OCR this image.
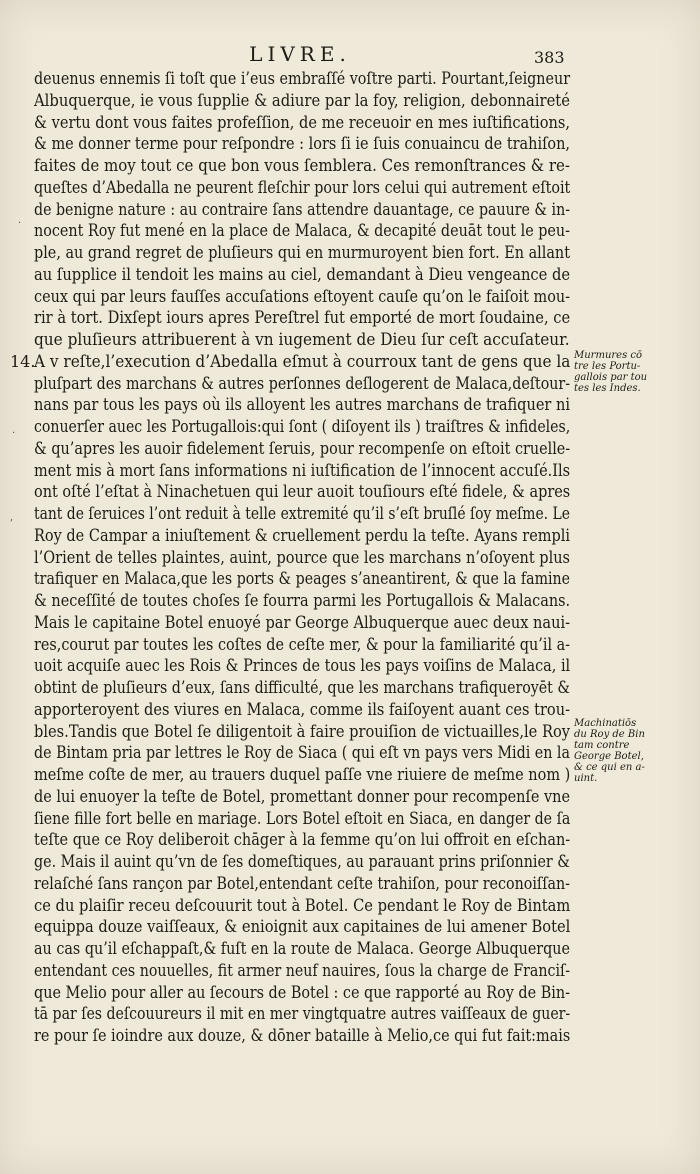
LIVRE.	383
14.
·
·
,
deuenus ennemis ſi toſt que i’eus embraſſé voſtre parti. Pourtant,ſeigneur
Albuquerque, ie vous ſupplie & adiure par la foy, religion, debonnaireté
& vertu dont vous faites profeſſion, de me receuoir en mes iuſtifications,
& me donner terme pour reſpondre : lors ſi ie ſuis conuaincu de trahiſon,
faites de moy tout ce que bon vous ſemblera. Ces remonſtrances & re-
queſtes d’Abedalla ne peurent fleſchir pour lors celui qui autrement eſtoit
de benigne nature : au contraire ſans attendre dauantage, ce pauure & in-
nocent Roy fut mené en la place de Malaca, & decapité deuāt tout le peu-
ple, au grand regret de pluſieurs qui en murmuroyent bien fort. En allant
au ſupplice il tendoit les mains au ciel, demandant à Dieu vengeance de
ceux qui par leurs fauſſes accuſations eſtoyent cauſe qu’on le faiſoit mou-
rir à tort. Dixſept iours apres Pereſtrel fut emporté de mort ſoudaine, ce
que pluſieurs attribuerent à vn iugement de Dieu ſur ceſt accuſateur.
A v reſte,l’execution d’Abedalla eſmut à courroux tant de gens que la
pluſpart des marchans & autres perſonnes deſlogerent de Malaca,deſtour-
nans par tous les pays où ils alloyent les autres marchans de trafiquer ni
conuerſer auec les Portugallois:qui ſont ( diſoyent ils ) traiſtres & infideles,
& qu’apres les auoir fidelement ſeruis, pour recompenſe on eſtoit cruelle-
ment mis à mort ſans informations ni iuſtification de l’innocent accuſé.Ils
ont oſté l’eſtat à Ninachetuen qui leur auoit touſiours eſté fidele, & apres
tant de ſeruices l’ont reduit à telle extremité qu’il s’eſt bruſlé ſoy meſme. Le
Roy de Campar a iniuſtement & cruellement perdu la teſte. Ayans rempli
l’Orient de telles plaintes, auint, pource que les marchans n’oſoyent plus
trafiquer en Malaca,que les ports & peages s’aneantirent, & que la famine
& neceſſité de toutes choſes ſe fourra parmi les Portugallois & Malacans.
Mais le capitaine Botel enuoyé par George Albuquerque auec deux naui-
res,courut par toutes les coſtes de ceſte mer, & pour la familiarité qu’il a-
uoit acquiſe auec les Rois & Princes de tous les pays voiſins de Malaca, il
obtint de pluſieurs d’eux, ſans difficulté, que les marchans trafiqueroyēt &
apporteroyent des viures en Malaca, comme ils faiſoyent auant ces trou-
bles.Tandis que Botel ſe diligentoit à faire prouiſion de victuailles,le Roy
de Bintam pria par lettres le Roy de Siaca ( qui eſt vn pays vers Midi en la
meſme coſte de mer, au trauers duquel paſſe vne riuiere de meſme nom )
de lui enuoyer la teſte de Botel, promettant donner pour recompenſe vne
ſiene fille fort belle en mariage. Lors Botel eſtoit en Siaca, en danger de ſa
teſte que ce Roy deliberoit chāger à la femme qu’on lui offroit en eſchan-
ge. Mais il auint qu’vn de ſes domeſtiques, au parauant prins priſonnier &
relaſché ſans rançon par Botel,entendant ceſte trahiſon, pour reconoiſſan-
ce du plaiſir receu deſcouurit tout à Botel. Ce pendant le Roy de Bintam
equippa douze vaiſſeaux, & enioignit aux capitaines de lui amener Botel
au cas qu’il eſchappaſt,& fuſt en la route de Malaca. George Albuquerque
entendant ces nouuelles, fit armer neuf nauires, ſous la charge de Franciſ-
que Melio pour aller au ſecours de Botel : ce que rapporté au Roy de Bin-
tā par ſes deſcouureurs il mit en mer vingtquatre autres vaiſſeaux de guer-
re pour ſe ioindre aux douze, & dōner bataille à Melio,ce qui fut fait:mais
Murmures cō
tre les Portu-
gallois par tou
tes les Indes.
Machinatiōs
du Roy de Bin
tam contre
George Botel,
& ce qui en a-
uint.
